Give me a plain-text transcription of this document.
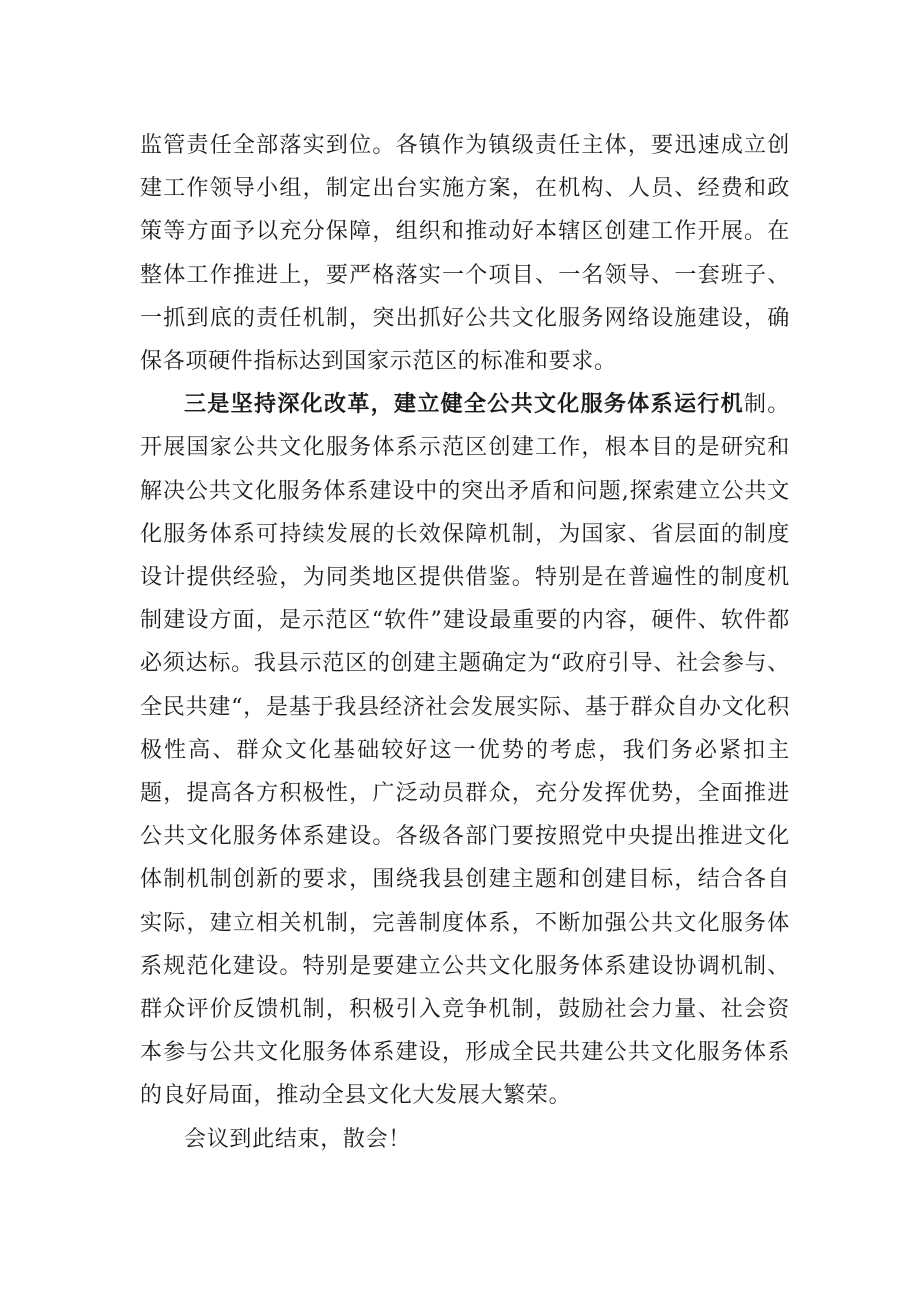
监管责任全部落实到位。各镇作为镇级责任主体，要迅速成立创建工作领导小组，制定出台实施方案，在机构、人员、经费和政策等方面予以充分保障，组织和推动好本辖区创建工作开展。在整体工作推进上，要严格落实一个项目、一名领导、一套班子、一抓到底的责任机制，突出抓好公共文化服务网络设施建设，确保各项硬件指标达到国家示范区的标准和要求。

三是坚持深化改革，建立健全公共文化服务体系运行机制。开展国家公共文化服务体系示范区创建工作，根本目的是研究和解决公共文化服务体系建设中的突出矛盾和问题,探索建立公共文化服务体系可持续发展的长效保障机制，为国家、省层面的制度设计提供经验，为同类地区提供借鉴。特别是在普遍性的制度机制建设方面，是示范区“软件”建设最重要的内容，硬件、软件都必须达标。我县示范区的创建主题确定为“政府引导、社会参与、全民共建“，是基于我县经济社会发展实际、基于群众自办文化积极性高、群众文化基础较好这一优势的考虑，我们务必紧扣主题，提高各方积极性，广泛动员群众，充分发挥优势，全面推进公共文化服务体系建设。各级各部门要按照党中央提出推进文化体制机制创新的要求，围绕我县创建主题和创建目标，结合各自实际，建立相关机制，完善制度体系，不断加强公共文化服务体系规范化建设。特别是要建立公共文化服务体系建设协调机制、群众评价反馈机制，积极引入竞争机制，鼓励社会力量、社会资本参与公共文化服务体系建设，形成全民共建公共文化服务体系的良好局面，推动全县文化大发展大繁荣。

会议到此结束，散会！
